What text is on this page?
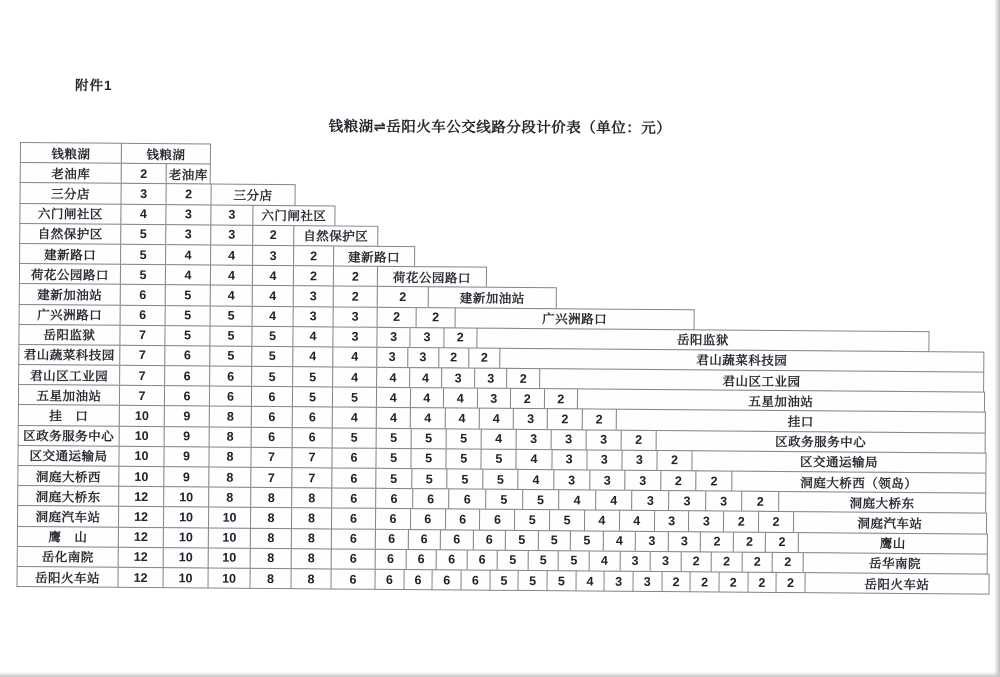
附件1
钱粮湖⇌岳阳火车公交线路分段计价表（单位：元）
钱粮湖	钱粮湖
老油库	2	老油库
三分店	3	2	三分店
六门闸社区	4	3	3	六门闸社区
自然保护区	5	3	3	2	自然保护区
建新路口	5	4	4	3	2	建新路口
荷花公园路口	5	4	4	4	2	2	荷花公园路口
建新加油站	6	5	4	4	3	2	2	建新加油站
广兴洲路口	6	5	5	4	3	3	2	2	广兴洲路口
岳阳监狱	7	5	5	5	4	3	3	3	2	岳阳监狱
君山蔬菜科技园	7	6	5	5	4	4	3	3	2	2	君山蔬菜科技园
君山区工业园	7	6	6	5	5	4	4	4	3	3	2	君山区工业园
五星加油站	7	6	6	6	5	5	4	4	4	3	2	2	五星加油站
挂　口	10	9	8	6	6	4	4	4	4	4	3	2	2	挂口
区政务服务中心	10	9	8	6	6	5	5	5	5	4	3	3	3	2	区政务服务中心
区交通运输局	10	9	8	7	7	6	5	5	5	5	4	3	3	3	2	区交通运输局
洞庭大桥西	10	9	8	7	7	6	5	5	5	5	4	3	3	3	2	2	洞庭大桥西（领岛）
洞庭大桥东	12	10	8	8	8	6	6	6	6	5	5	4	4	3	3	3	2	洞庭大桥东
洞庭汽车站	12	10	10	8	8	6	6	6	6	6	5	5	4	4	3	3	2	2	洞庭汽车站
鹰　山	12	10	10	8	8	6	6	6	6	6	5	5	5	4	3	3	2	2	2	鹰山
岳化南院	12	10	10	8	8	6	6	6	6	6	5	5	5	4	3	3	2	2	2	2	岳华南院
岳阳火车站	12	10	10	8	8	6	6	6	6	6	5	5	5	4	3	3	2	2	2	2	2	岳阳火车站
